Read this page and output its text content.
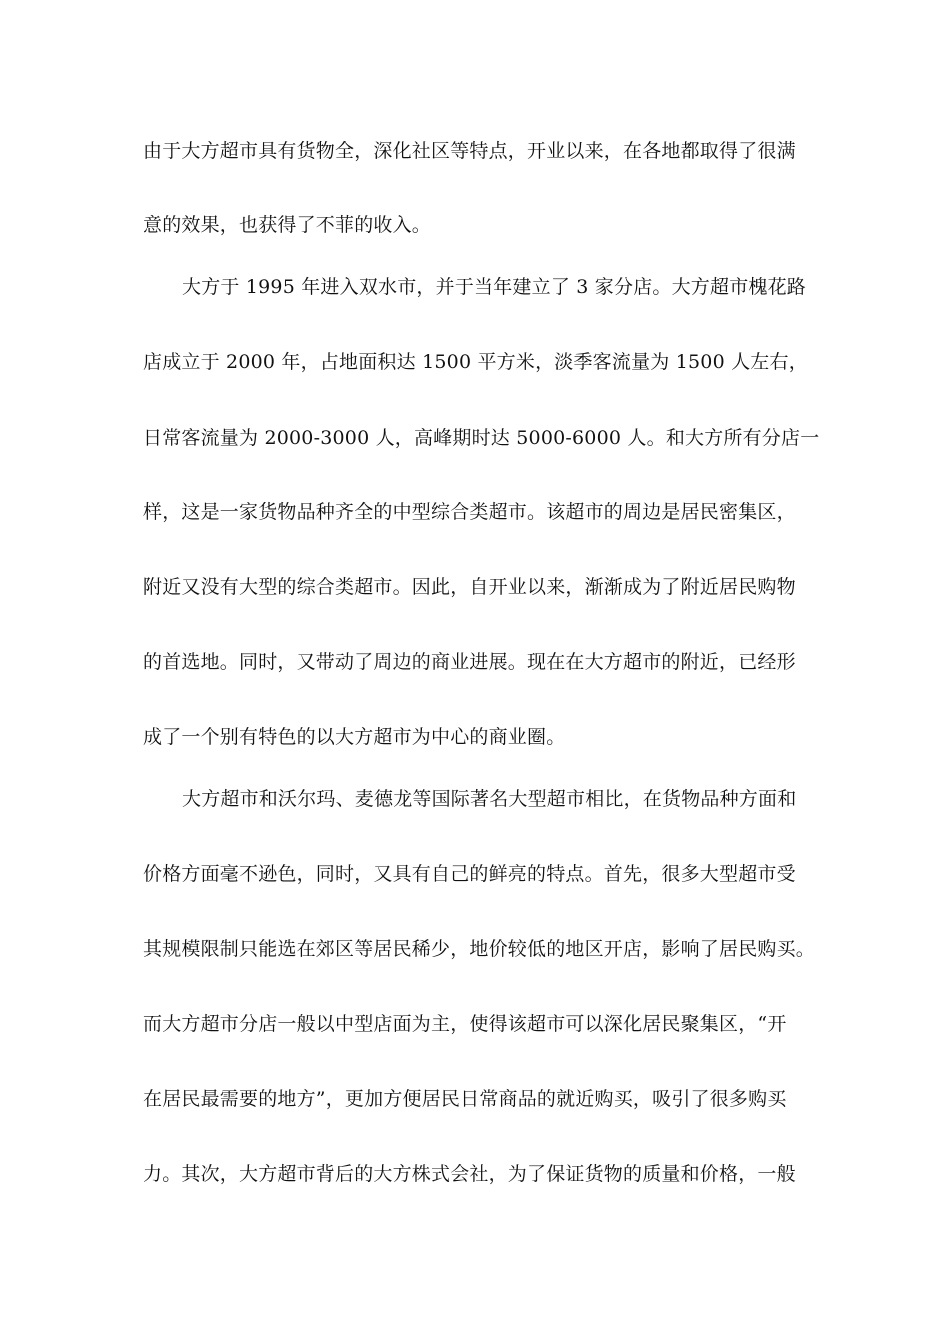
由于大方超市具有货物全，深化社区等特点，开业以来，在各地都取得了很满
意的效果，也获得了不菲的收入。
大方于 1995 年进入双水市，并于当年建立了 3 家分店。大方超市槐花路
店成立于 2000 年，占地面积达 1500 平方米，淡季客流量为 1500 人左右，
日常客流量为 2000-3000 人，高峰期时达 5000-6000 人。和大方所有分店一
样，这是一家货物品种齐全的中型综合类超市。该超市的周边是居民密集区，
附近又没有大型的综合类超市。因此，自开业以来，渐渐成为了附近居民购物
的首选地。同时，又带动了周边的商业进展。现在在大方超市的附近，已经形
成了一个别有特色的以大方超市为中心的商业圈。
大方超市和沃尔玛、麦德龙等国际著名大型超市相比，在货物品种方面和
价格方面毫不逊色，同时，又具有自己的鲜亮的特点。首先，很多大型超市受
其规模限制只能选在郊区等居民稀少，地价较低的地区开店，影响了居民购买。
而大方超市分店一般以中型店面为主，使得该超市可以深化居民聚集区，“开
在居民最需要的地方”，更加方便居民日常商品的就近购买，吸引了很多购买
力。其次，大方超市背后的大方株式会社，为了保证货物的质量和价格，一般
